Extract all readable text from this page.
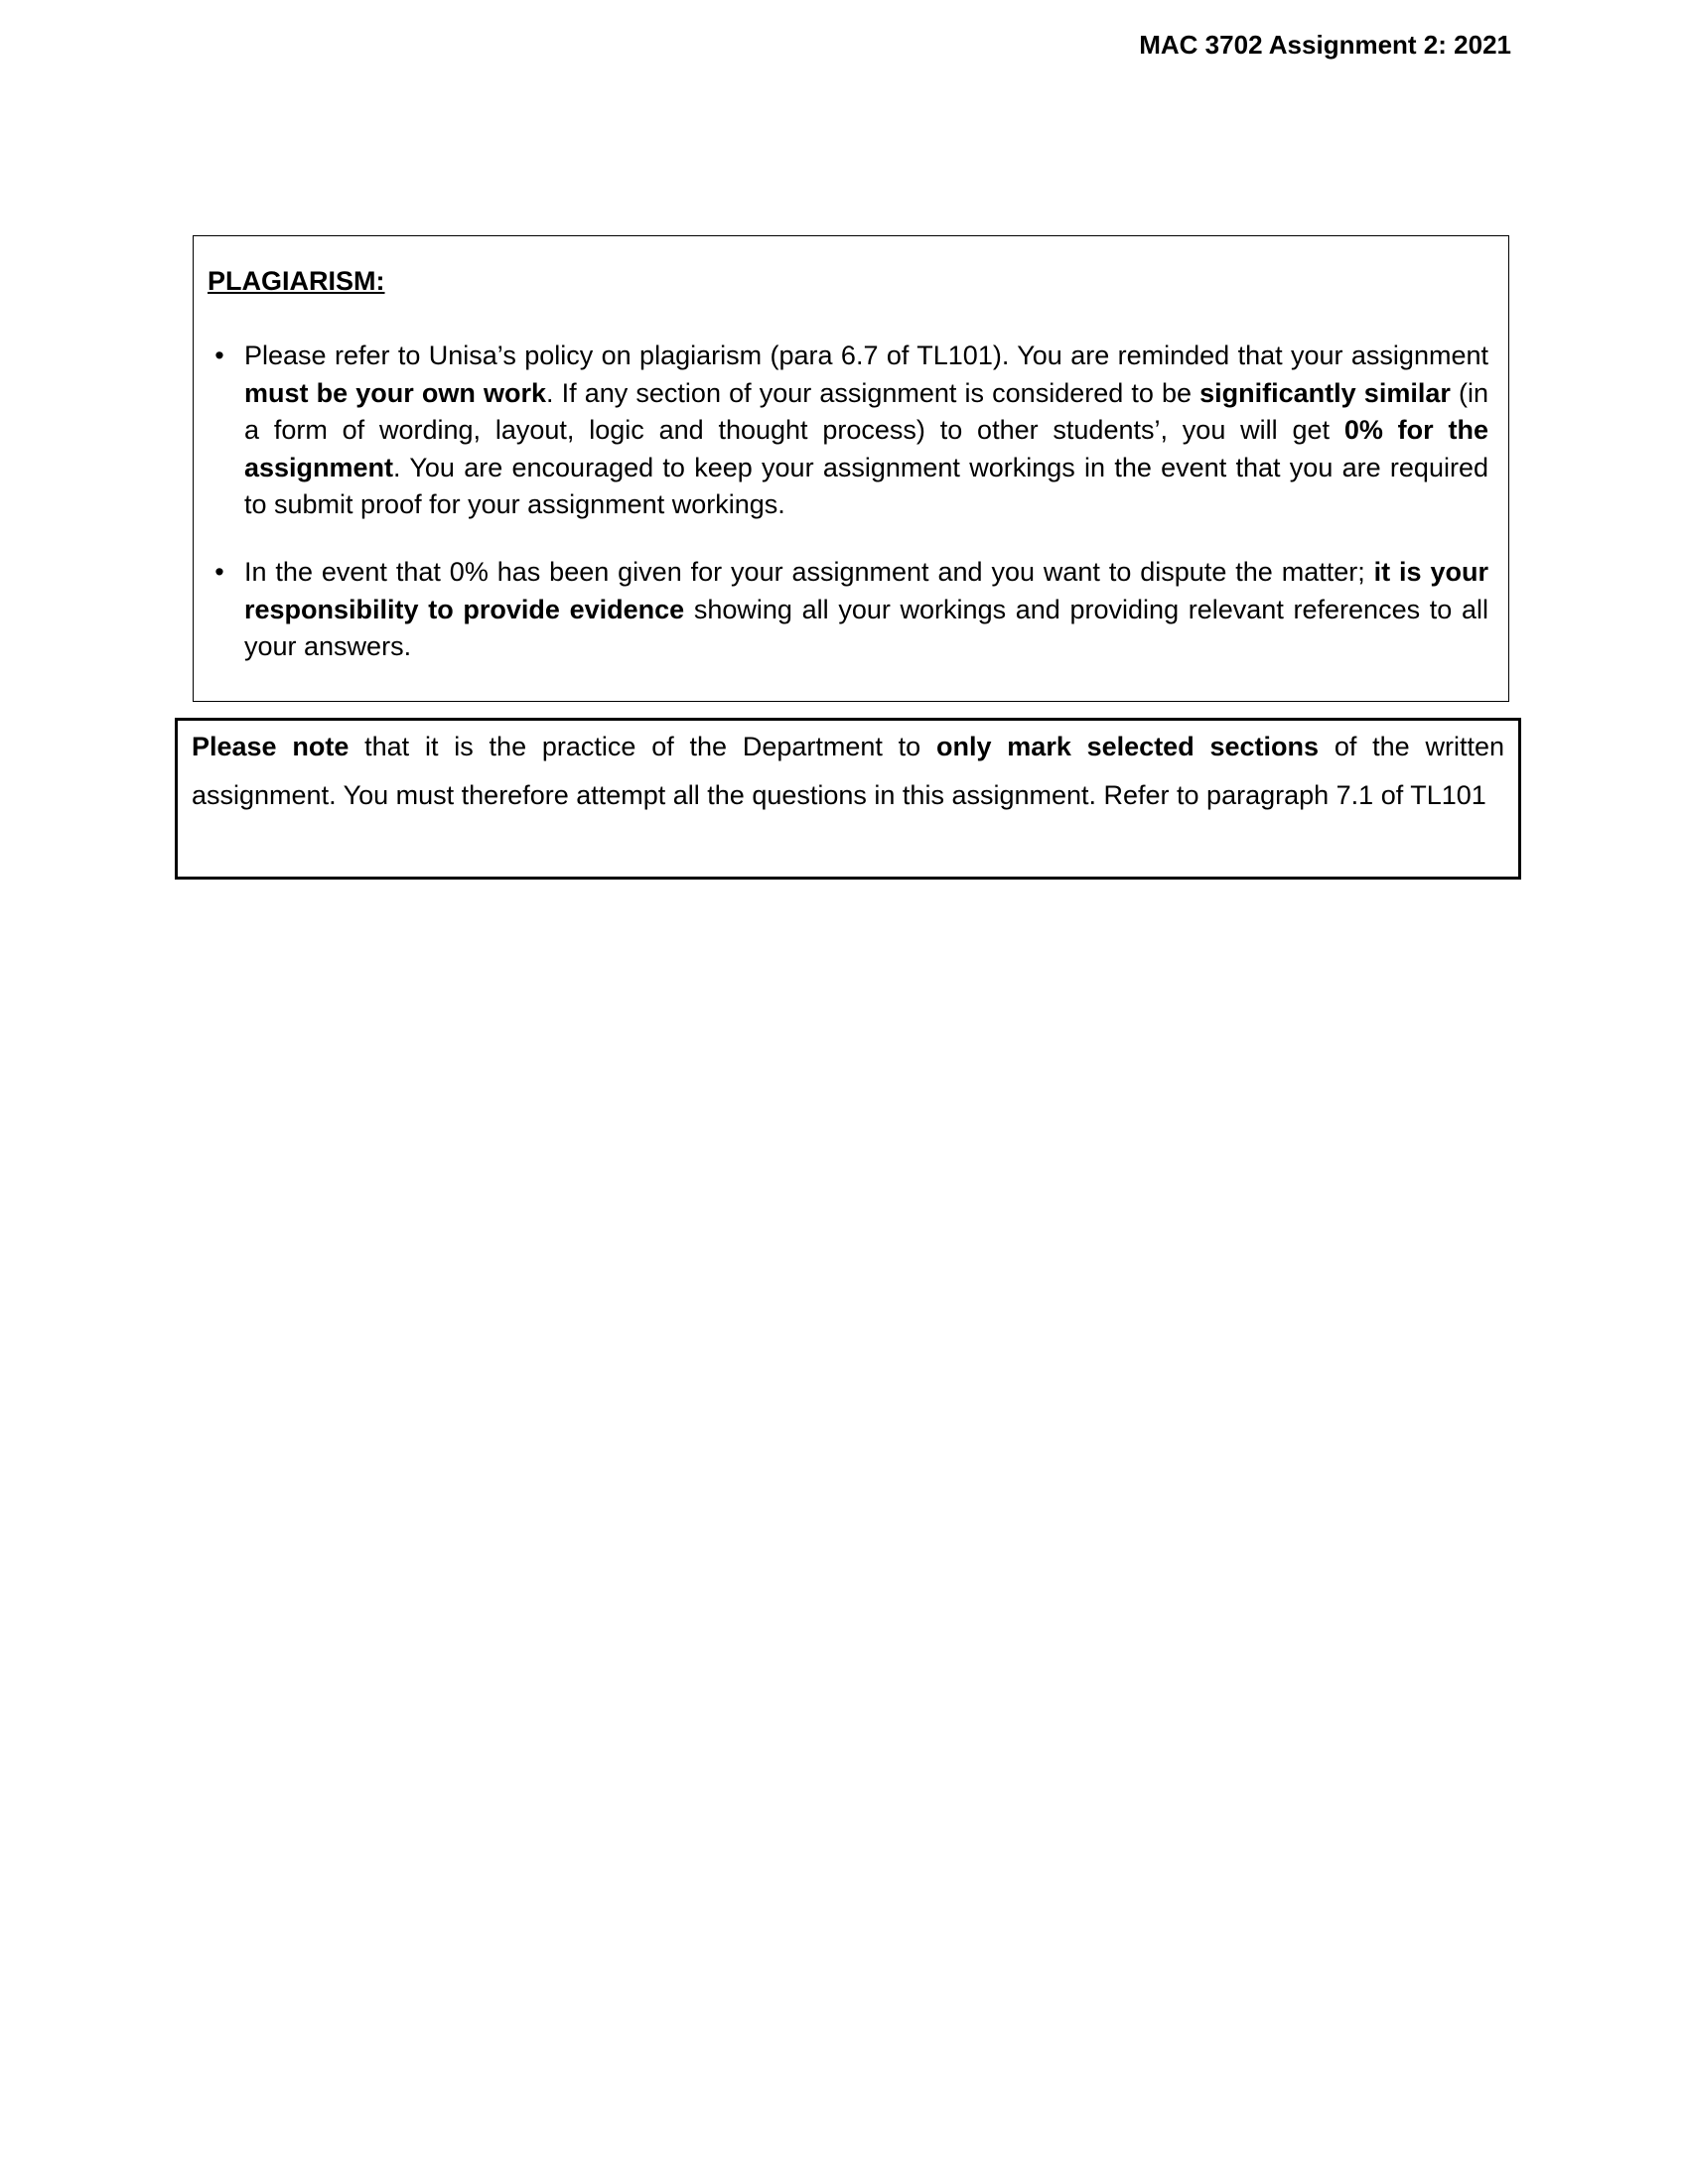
MAC 3702 Assignment 2: 2021
PLAGIARISM:
• Please refer to Unisa’s policy on plagiarism (para 6.7 of TL101). You are reminded that your assignment must be your own work. If any section of your assignment is considered to be significantly similar (in a form of wording, layout, logic and thought process) to other students’, you will get 0% for the assignment. You are encouraged to keep your assignment workings in the event that you are required to submit proof for your assignment workings.
• In the event that 0% has been given for your assignment and you want to dispute the matter; it is your responsibility to provide evidence showing all your workings and providing relevant references to all your answers.
Please note that it is the practice of the Department to only mark selected sections of the written assignment. You must therefore attempt all the questions in this assignment. Refer to paragraph 7.1 of TL101
